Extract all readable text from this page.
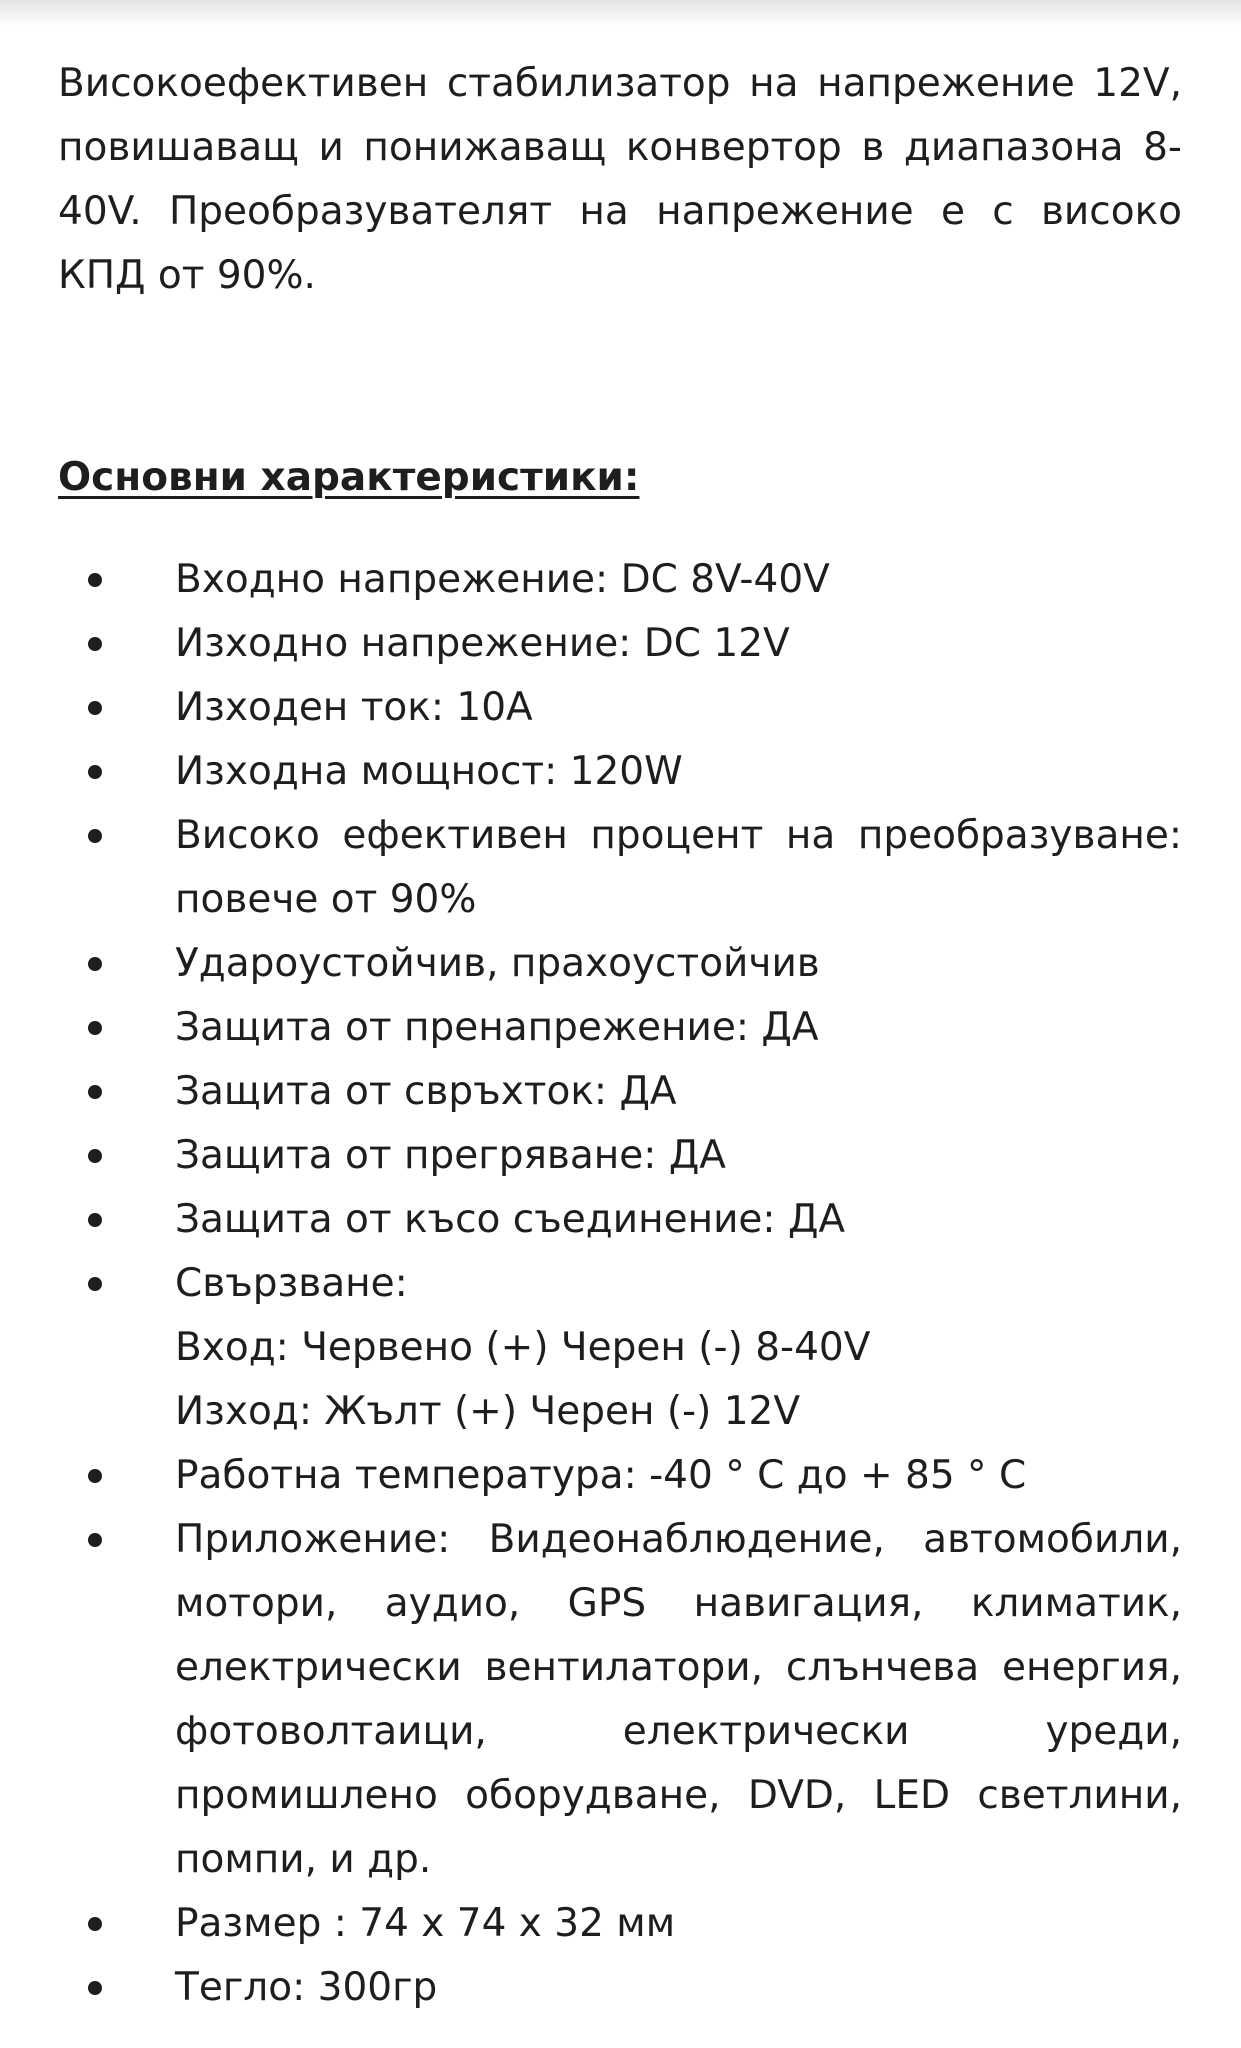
Високоефективен стабилизатор на напрежение 12V, повишаващ и понижаващ конвертор в диапазона 8-40V. Преобразувателят на напрежение е с високо КПД от 90%.

Основни характеристики:
Входно напрежение: DC 8V-40V
Изходно напрежение: DC 12V
Изходен ток: 10A
Изходна мощност: 120W
Високо ефективен процент на преобразуване: повече от 90%
Удароустойчив, прахоустойчив
Защита от пренапрежение: ДА
Защита от свръхток: ДА
Защита от прегряване: ДА
Защита от късо съединение: ДА
Свързване:
Вход: Червено (+) Черен (-) 8-40V
Изход: Жълт (+) Черен (-) 12V
Работна температура: -40 ° C до + 85 ° C
Приложение: Видеонаблюдение, автомобили, мотори, аудио, GPS навигация, климатик, електрически вентилатори, слънчева енергия, фотоволтаици, електрически уреди, промишлено оборудване, DVD, LED светлини, помпи, и др.
Размер : 74 x 74 x 32 мм
Тегло: 300гр
